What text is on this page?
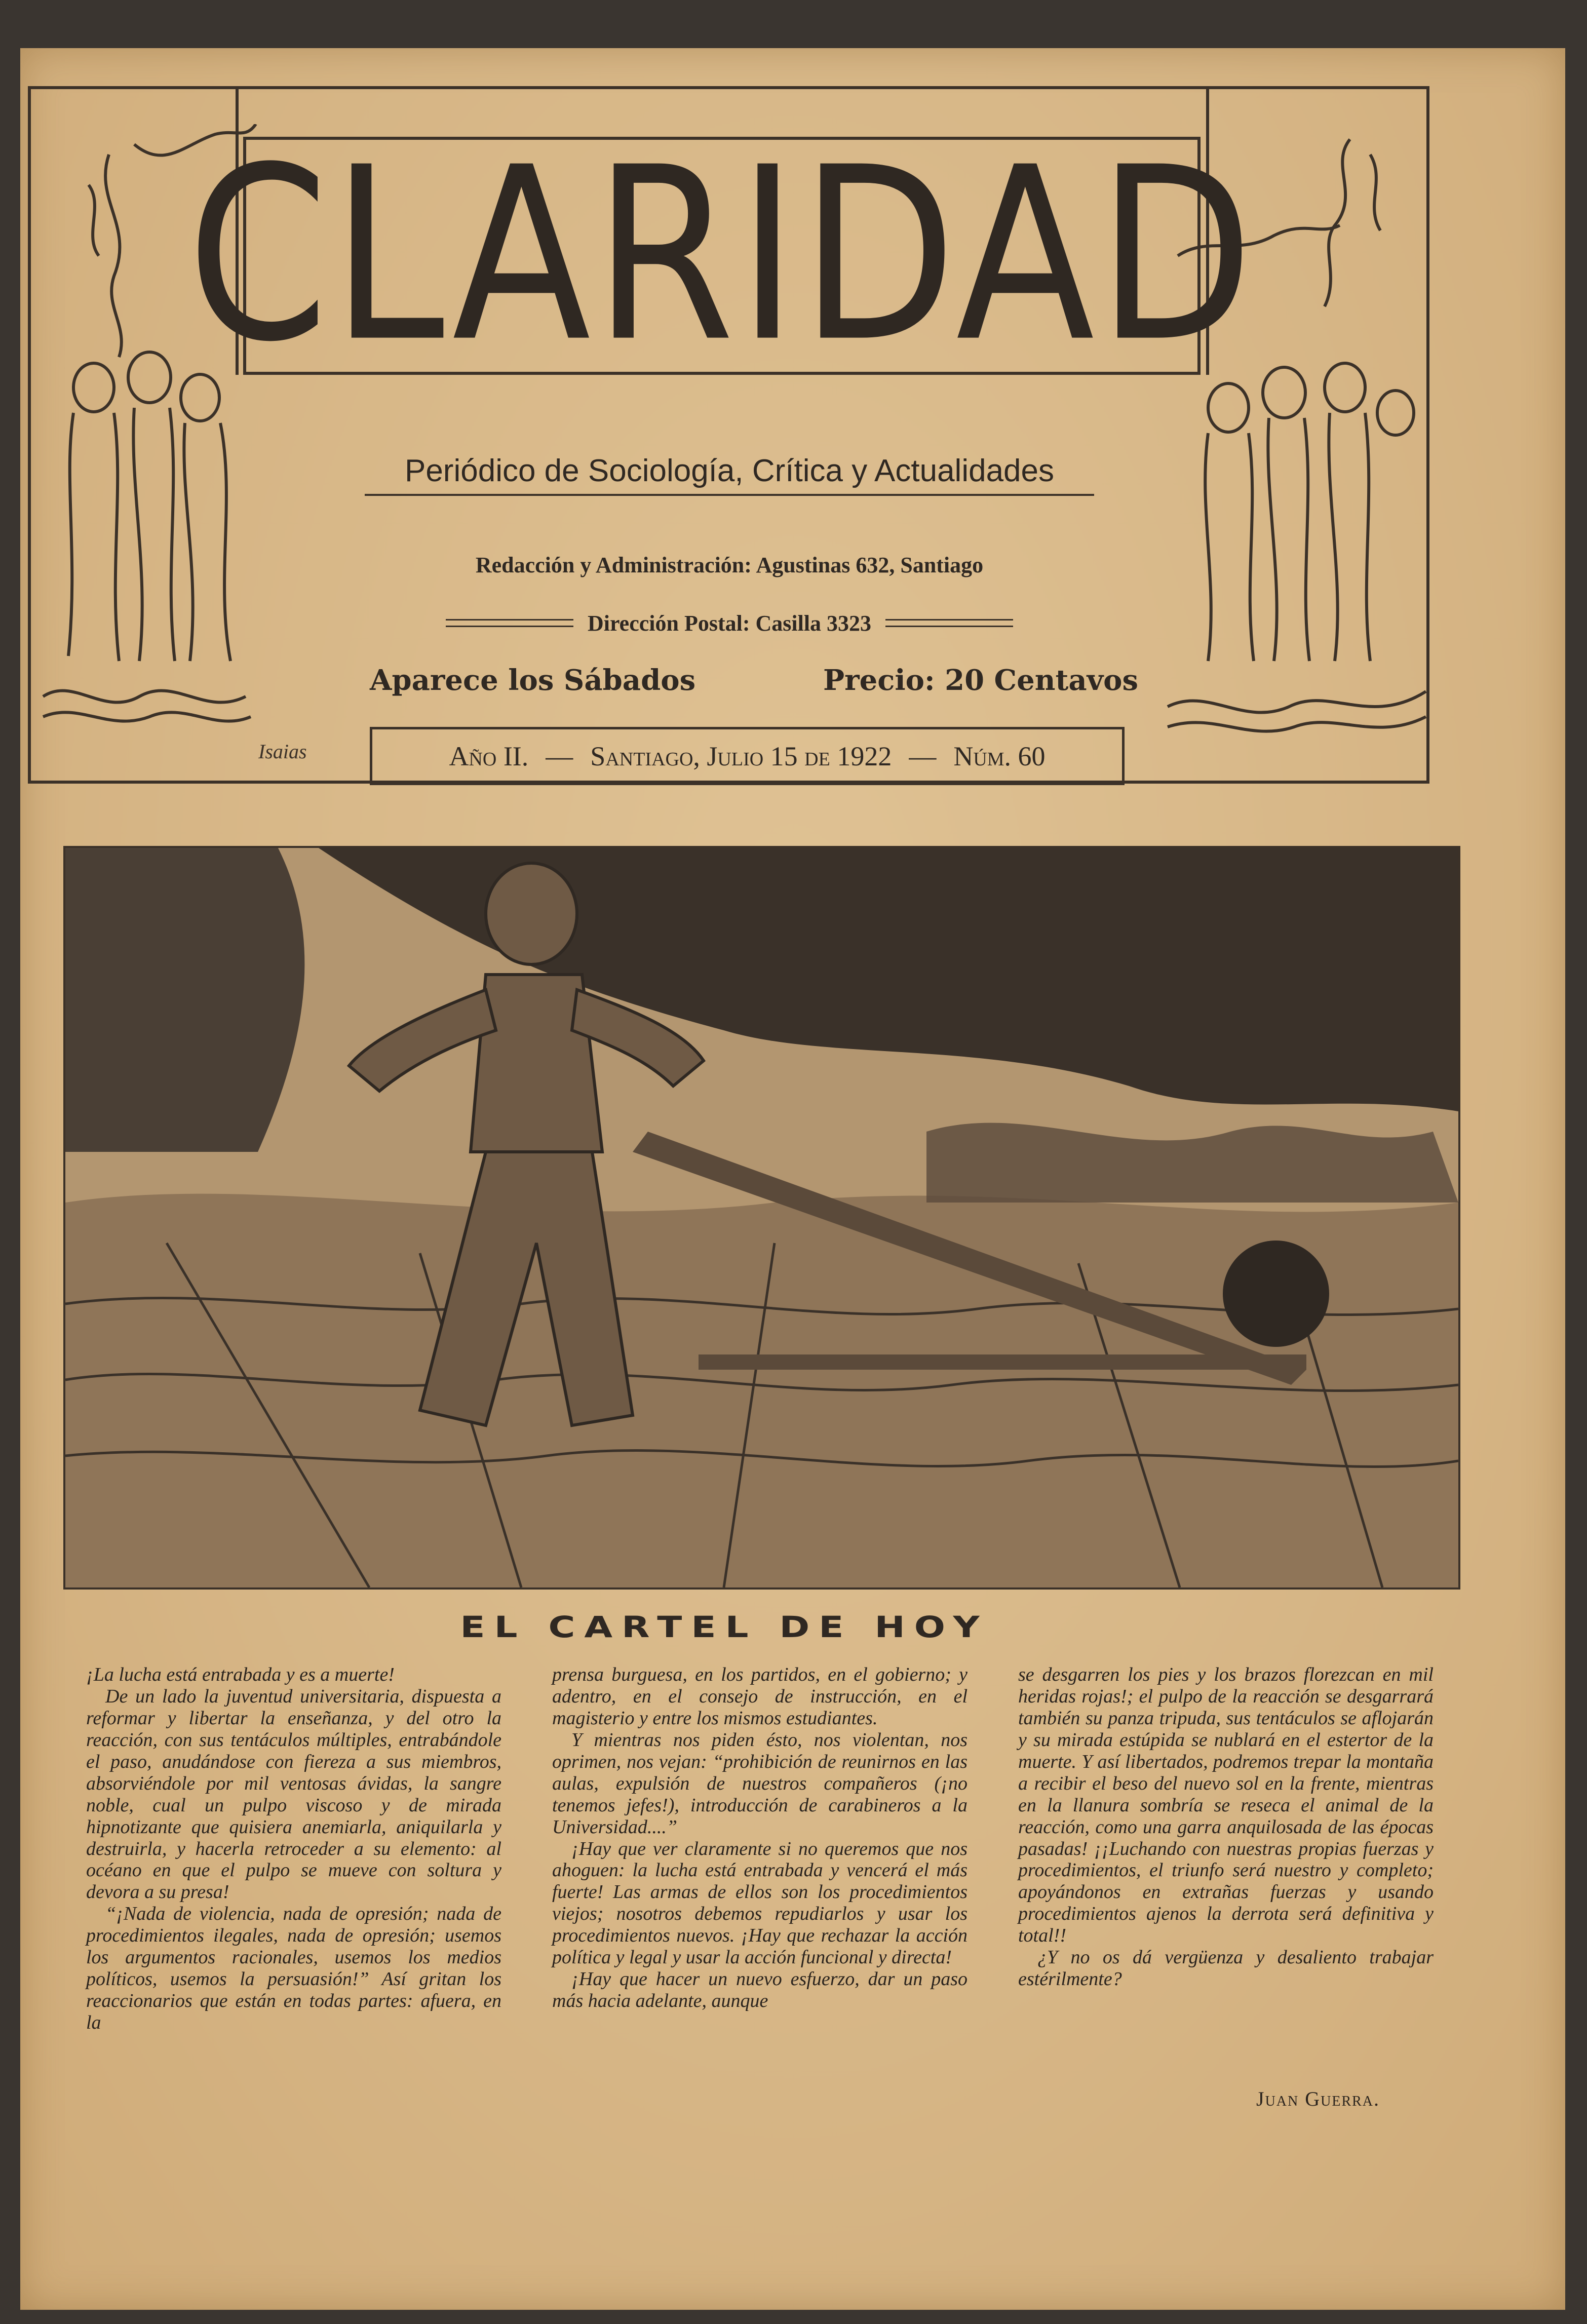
CLARIDAD
Periódico de Sociología, Crítica y Actualidades
Redacción y Administración: Agustinas 632, Santiago
Dirección Postal: Casilla 3323
Aparece los Sábados	Precio: 20 Centavos
Isaias	Año II. — Santiago, Julio 15 de 1922 — Núm. 60
EL CARTEL DE HOY

¡La lucha está entrabada y es a muerte!

De un lado la juventud universitaria, dispuesta a reformar y libertar la enseñanza, y del otro la reacción, con sus tentáculos múltiples, entrabándole el paso, anudándose con fiereza a sus miembros, absorviéndole por mil ventosas ávidas, la sangre noble, cual un pulpo viscoso y de mirada hipnotizante que quisiera anemiarla, aniquilarla y destruirla, y hacerla retroceder a su elemento: al océano en que el pulpo se mueve con soltura y devora a su presa!

“¡Nada de violencia, nada de opresión; nada de procedimientos ilegales, nada de opresión; usemos los argumentos racionales, usemos los medios políticos, usemos la persuasión!” Así gritan los reaccionarios que están en todas partes: afuera, en la

prensa burguesa, en los partidos, en el gobierno; y adentro, en el consejo de instrucción, en el magisterio y entre los mismos estudiantes.

Y mientras nos piden ésto, nos violentan, nos oprimen, nos vejan: “prohibición de reunirnos en las aulas, expulsión de nuestros compañeros (¡no tenemos jefes!), introducción de carabineros a la Universidad....”

¡Hay que ver claramente si no queremos que nos ahoguen: la lucha está entrabada y vencerá el más fuerte! Las armas de ellos son los procedimientos viejos; nosotros debemos repudiarlos y usar los procedimientos nuevos. ¡Hay que rechazar la acción política y legal y usar la acción funcional y directa!

¡Hay que hacer un nuevo esfuerzo, dar un paso más hacia adelante, aunque

se desgarren los pies y los brazos florezcan en mil heridas rojas!; el pulpo de la reacción se desgarrará también su panza tripuda, sus tentáculos se aflojarán y su mirada estúpida se nublará en el estertor de la muerte. Y así libertados, podremos trepar la montaña a recibir el beso del nuevo sol en la frente, mientras en la llanura sombría se reseca el animal de la reacción, como una garra anquilosada de las épocas pasadas! ¡¡Luchando con nuestras propias fuerzas y procedimientos, el triunfo será nuestro y completo; apoyándonos en extrañas fuerzas y usando procedimientos ajenos la derrota será definitiva y total!!

¿Y no os dá vergüenza y desaliento trabajar estérilmente?

Juan Guerra.
